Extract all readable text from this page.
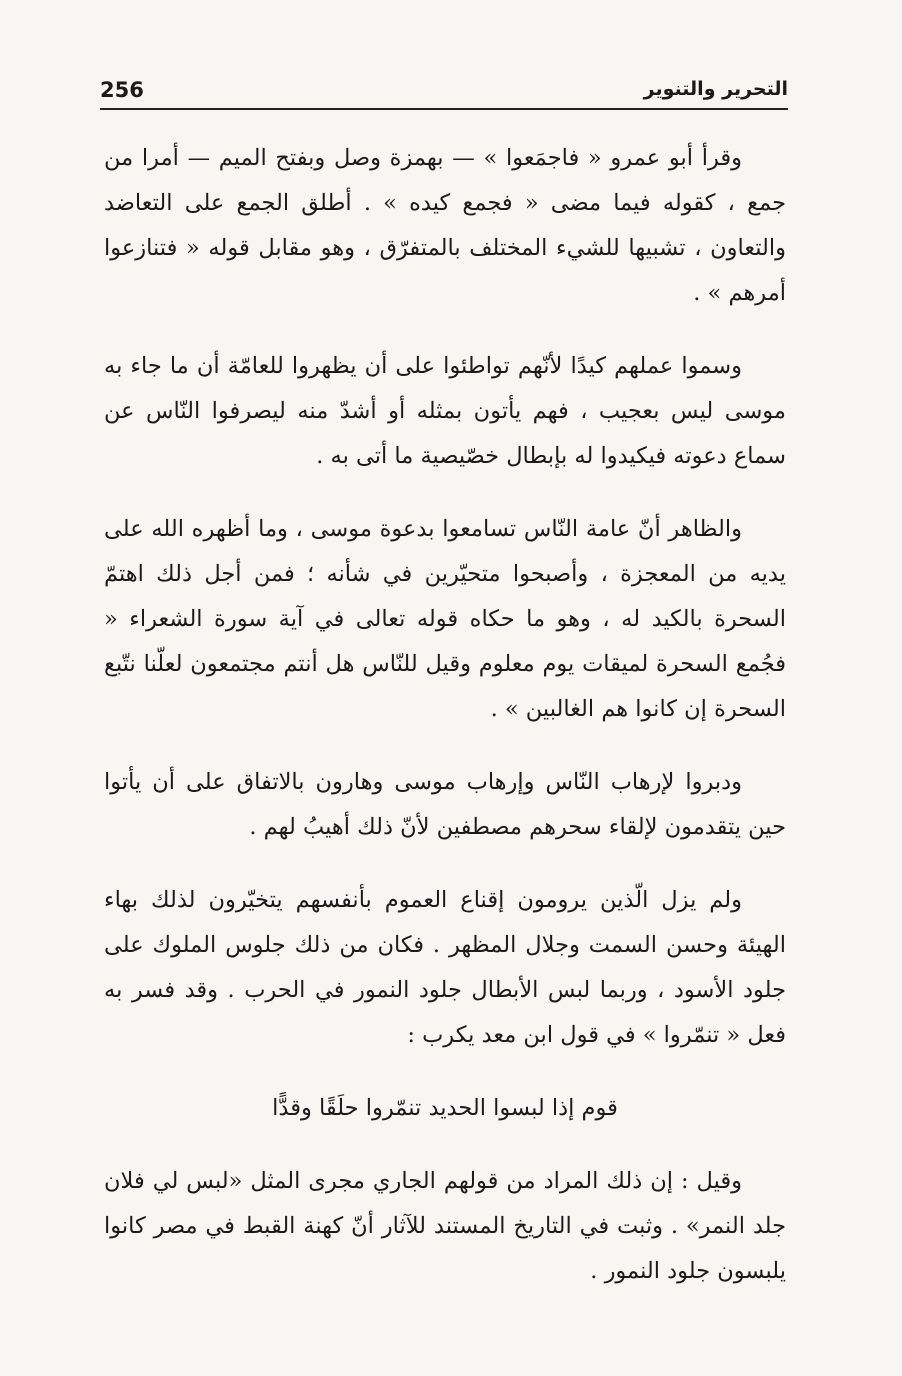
256	التحرير والتنوير

وقرأ أبو عمرو « فاجمَعوا » — بهمزة وصل وبفتح الميم — أمرا من جمع ، كقوله فيما مضى « فجمع كيده » . أطلق الجمع على التعاضد والتعاون ، تشبيها للشيء المختلف بالمتفرّق ، وهو مقابل قوله « فتنازعوا أمرهم » .

وسموا عملهم كيدًا لأنّهم تواطئوا على أن يظهروا للعامّة أن ما جاء به موسى ليس بعجيب ، فهم يأتون بمثله أو أشدّ منه ليصرفوا النّاس عن سماع دعوته فيكيدوا له بإبطال خصّيصية ما أتى به .

والظاهر أنّ عامة النّاس تسامعوا بدعوة موسى ، وما أظهره الله على يديه من المعجزة ، وأصبحوا متحيّرين في شأنه ؛ فمن أجل ذلك اهتمّ السحرة بالكيد له ، وهو ما حكاه قوله تعالى في آية سورة الشعراء « فجُمع السحرة لميقات يوم معلوم وقيل للنّاس هل أنتم مجتمعون لعلّنا نتّبع السحرة إن كانوا هم الغالبين » .

ودبروا لإرهاب النّاس وإرهاب موسى وهارون بالاتفاق على أن يأتوا حين يتقدمون لإلقاء سحرهم مصطفين لأنّ ذلك أهيبُ لهم .

ولم يزل الّذين يرومون إقناع العموم بأنفسهم يتخيّرون لذلك بهاء الهيئة وحسن السمت وجلال المظهر . فكان من ذلك جلوس الملوك على جلود الأسود ، وربما لبس الأبطال جلود النمور في الحرب . وقد فسر به فعل « تنمّروا » في قول ابن معد يكرب :

قوم إذا لبسوا الحديد تنمّروا حلَقًا وقدًّا

وقيل : إن ذلك المراد من قولهم الجاري مجرى المثل «لبس لي فلان جلد النمر» . وثبت في التاريخ المستند للآثار أنّ كهنة القبط في مصر كانوا يلبسون جلود النمور .
